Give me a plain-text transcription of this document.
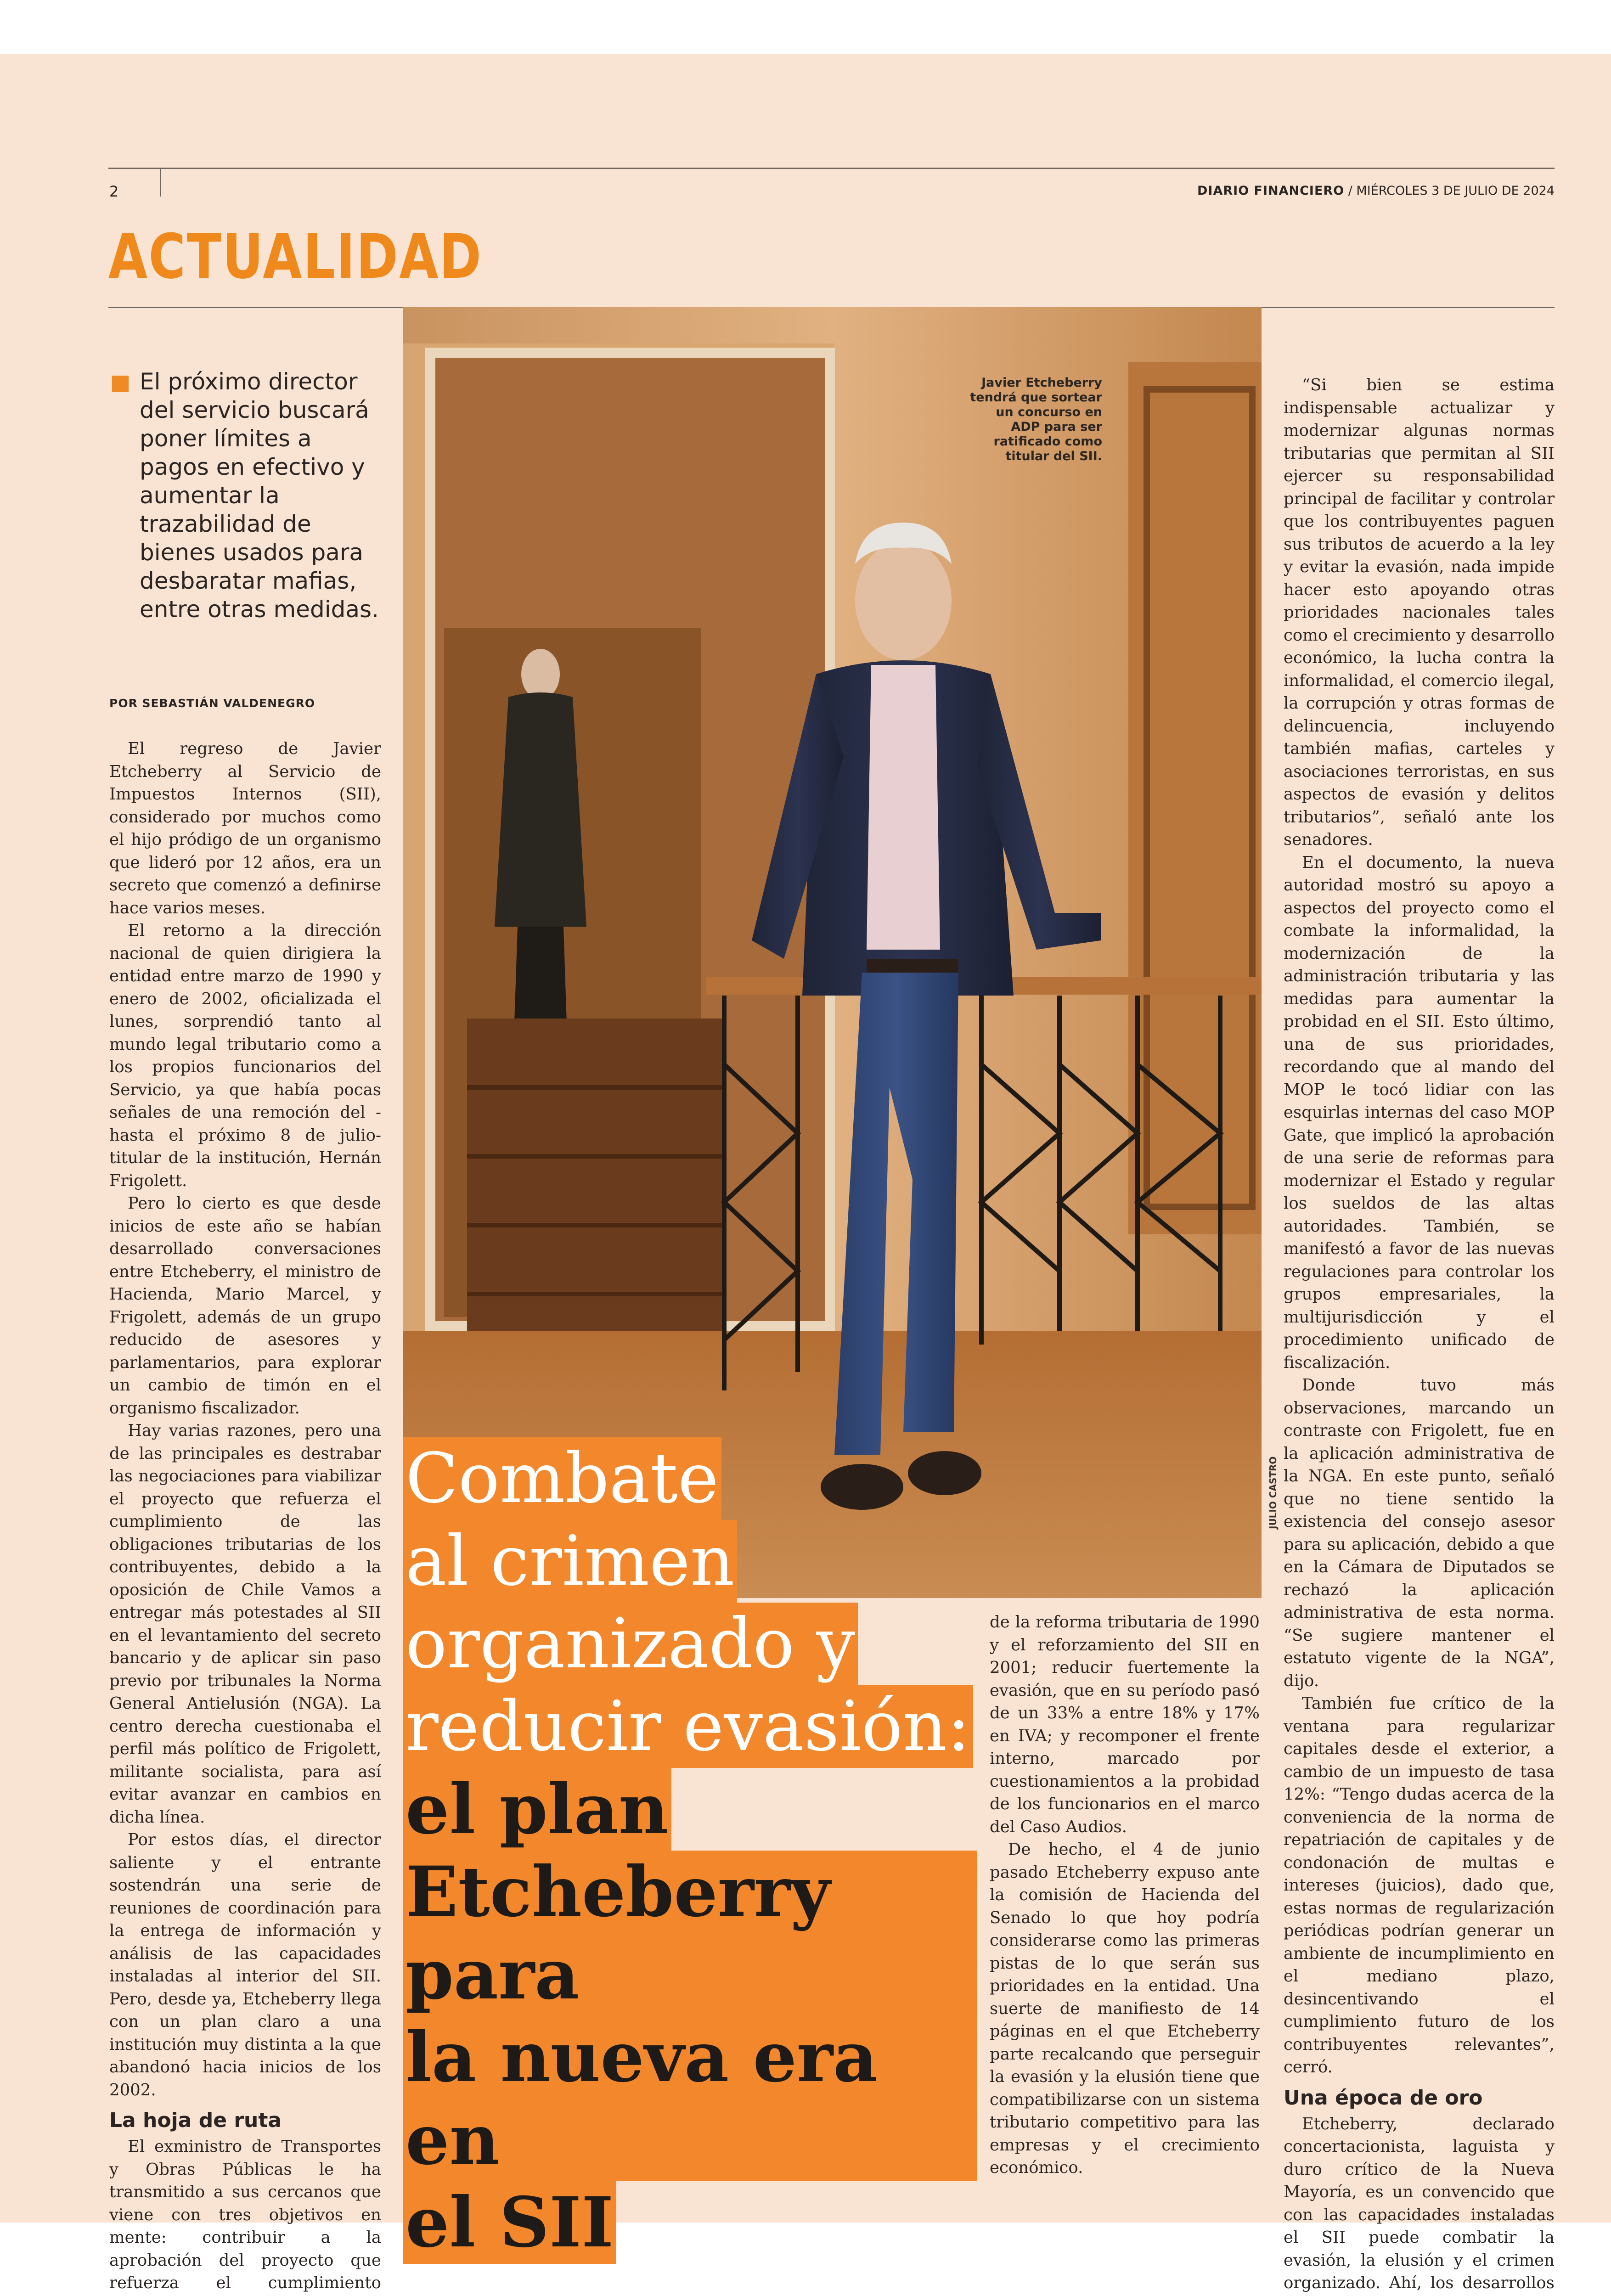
2	DIARIO FINANCIERO / MIÉRCOLES 3 DE JULIO DE 2024
ACTUALIDAD
El próximo director del servicio buscará poner límites a pagos en efectivo y aumentar la trazabilidad de bienes usados para desbaratar mafias, entre otras medidas.
POR SEBASTIÁN VALDENEGRO

El regreso de Javier Etcheberry al Servicio de Impuestos Internos (SII), considerado por muchos como el hijo pródigo de un organismo que lideró por 12 años, era un secreto que comenzó a definirse hace varios meses.

El retorno a la dirección nacional de quien dirigiera la entidad entre marzo de 1990 y enero de 2002, oficializada el lunes, sorprendió tanto al mundo legal tributario como a los propios funcionarios del Servicio, ya que había pocas señales de una remoción del -hasta el próximo 8 de julio- titular de la institución, Hernán Frigolett.

Pero lo cierto es que desde inicios de este año se habían desarrollado conversaciones entre Etcheberry, el ministro de Hacienda, Mario Marcel, y Frigolett, además de un grupo reducido de asesores y parlamentarios, para explorar un cambio de timón en el organismo fiscalizador.

Hay varias razones, pero una de las principales es destrabar las negociaciones para viabilizar el proyecto que refuerza el cumplimiento de las obligaciones tributarias de los contribuyentes, debido a la oposición de Chile Vamos a entregar más potestades al SII en el levantamiento del secreto bancario y de aplicar sin paso previo por tribunales la Norma General Antielusión (NGA). La centro derecha cuestionaba el perfil más político de Frigolett, militante socialista, para así evitar avanzar en cambios en dicha línea.

Por estos días, el director saliente y el entrante sostendrán una serie de reuniones de coordinación para la entrega de información y análisis de las capacidades instaladas al interior del SII. Pero, desde ya, Etcheberry llega con un plan claro a una institución muy distinta a la que abandonó hacia inicios de los 2002.

La hoja de ruta

El exministro de Transportes y Obras Públicas le ha transmitido a sus cercanos que viene con tres objetivos en mente: contribuir a la aprobación del proyecto que refuerza el cumplimiento

Javier Etcheberry tendrá que sortear un concurso en ADP para ser ratificado como titular del SII.
JULIO CASTRO
Combate
al crimen
organizado y
reducir evasión:
el plan
Etcheberry para
la nueva era en
el SII

de la reforma tributaria de 1990 y el reforzamiento del SII en 2001; reducir fuertemente la evasión, que en su período pasó de un 33% a entre 18% y 17% en IVA; y recomponer el frente interno, marcado por cuestionamientos a la probidad de los funcionarios en el marco del Caso Audios.

De hecho, el 4 de junio pasado Etcheberry expuso ante la comisión de Hacienda del Senado lo que hoy podría considerarse como las primeras pistas de lo que serán sus prioridades en la entidad. Una suerte de manifiesto de 14 páginas en el que Etcheberry parte recalcando que perseguir la evasión y la elusión tiene que compatibilizarse con un sistema tributario competitivo para las empresas y el crecimiento económico.

“Si bien se estima indispensable actualizar y modernizar algunas normas tributarias que permitan al SII ejercer su responsabilidad principal de facilitar y controlar que los contribuyentes paguen sus tributos de acuerdo a la ley y evitar la evasión, nada impide hacer esto apoyando otras prioridades nacionales tales como el crecimiento y desarrollo económico, la lucha contra la informalidad, el comercio ilegal, la corrupción y otras formas de delincuencia, incluyendo también mafias, carteles y asociaciones terroristas, en sus aspectos de evasión y delitos tributarios”, señaló ante los senadores.

En el documento, la nueva autoridad mostró su apoyo a aspectos del proyecto como el combate la informalidad, la modernización de la administración tributaria y las medidas para aumentar la probidad en el SII. Esto último, una de sus prioridades, recordando que al mando del MOP le tocó lidiar con las esquirlas internas del caso MOP Gate, que implicó la aprobación de una serie de reformas para modernizar el Estado y regular los sueldos de las altas autoridades. También, se manifestó a favor de las nuevas regulaciones para controlar los grupos empresariales, la multijurisdicción y el procedimiento unificado de fiscalización.

Donde tuvo más observaciones, marcando un contraste con Frigolett, fue en la aplicación administrativa de la NGA. En este punto, señaló que no tiene sentido la existencia del consejo asesor para su aplicación, debido a que en la Cámara de Diputados se rechazó la aplicación administrativa de esta norma. “Se sugiere mantener el estatuto vigente de la NGA”, dijo.

También fue crítico de la ventana para regularizar capitales desde el exterior, a cambio de un impuesto de tasa 12%: “Tengo dudas acerca de la conveniencia de la norma de repatriación de capitales y de condonación de multas e intereses (juicios), dado que, estas normas de regularización periódicas podrían generar un ambiente de incumplimiento en el mediano plazo, desincentivando el cumplimiento futuro de los contribuyentes relevantes”, cerró.

Una época de oro

Etcheberry, declarado concertacionista, laguista y duro crítico de la Nueva Mayoría, es un convencido que con las capacidades instaladas el SII puede combatir la evasión, la elusión y el crimen organizado. Ahí, los desarrollos
